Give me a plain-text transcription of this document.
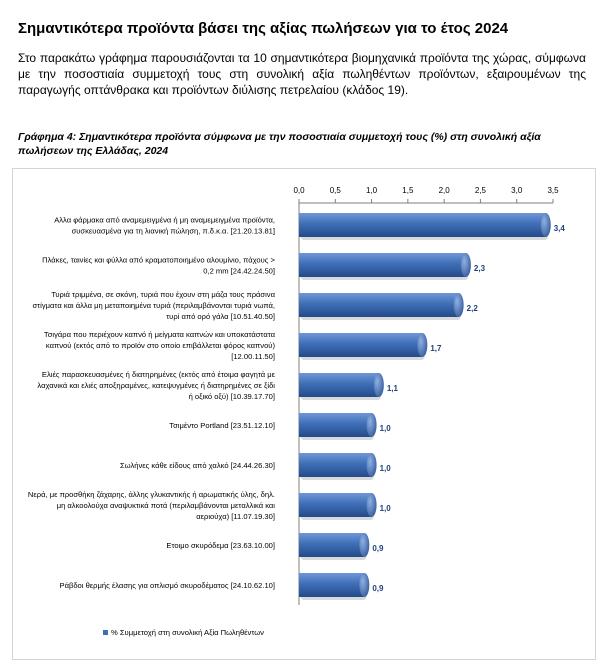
Σημαντικότερα προϊόντα βάσει της αξίας πωλήσεων για το έτος 2024
Στο παρακάτω γράφημα παρουσιάζονται τα 10 σημαντικότερα βιομηχανικά προϊόντα της χώρας, σύμφωνα με την ποσοστιαία συμμετοχή τους στη συνολική αξία πωληθέντων προϊόντων, εξαιρουμένων της παραγωγής οπτάνθρακα και προϊόντων διύλισης πετρελαίου (κλάδος 19).
Γράφημα 4: Σημαντικότερα προϊόντα σύμφωνα με την ποσοστιαία συμμετοχή τους (%) στη συνολική αξία πωλήσεων της Ελλάδας, 2024
0,0	0,5	1,0	1,5	2,0	2,5	3,0	3,5
3,4
Αλλα φάρμακα από αναμεμειγμένα ή μη αναμεμειγμένα προϊόντα,
συσκευασμένα για τη λιανική πώληση, π.δ.κ.α. [21.20.13.81]
2,3
Πλάκες, ταινίες και φύλλα από κραματοποιημένο αλουμίνιο, πάχους >
0,2 mm [24.42.24.50]
2,2
Τυριά τριμμένα, σε σκόνη, τυριά που έχουν στη μάζα τους πράσινα
στίγματα και άλλα μη μεταποιημένα τυριά (περιλαμβάνονται τυριά νωπά,
τυρί από ορό γάλα [10.51.40.50]
1,7
Τσιγάρα που περιέχουν καπνό ή μείγματα καπνών και υποκατάστατα
καπνού (εκτός από το προϊόν στο οποίο επιβάλλεται φόρος καπνού)
[12.00.11.50]
1,1
Ελιές παρασκευασμένες ή διατηρημένες (εκτός από έτοιμα φαγητά με
λαχανικά και ελιές αποξηραμένες, κατεψυγμένες ή διατηρημένες σε ξίδι
ή οξικό οξύ) [10.39.17.70]
1,0
Τσιμέντο Portland [23.51.12.10]
1,0
Σωλήνες κάθε είδους από χαλκό [24.44.26.30]
1,0
Νερά, με προσθήκη ζάχαρης, άλλης γλυκαντικής ή αρωματικής ύλης, δηλ.
μη αλκοολούχα αναψυκτικά ποτά (περιλαμβάνονται μεταλλικά και
αεριούχα) [11.07.19.30]
0,9
Ετοιμο σκυρόδεμα [23.63.10.00]
0,9
Ράβδοι θερμής έλασης για οπλισμό σκυροδέματος [24.10.62.10]
% Συμμετοχή στη συνολική Αξία Πωληθέντων
